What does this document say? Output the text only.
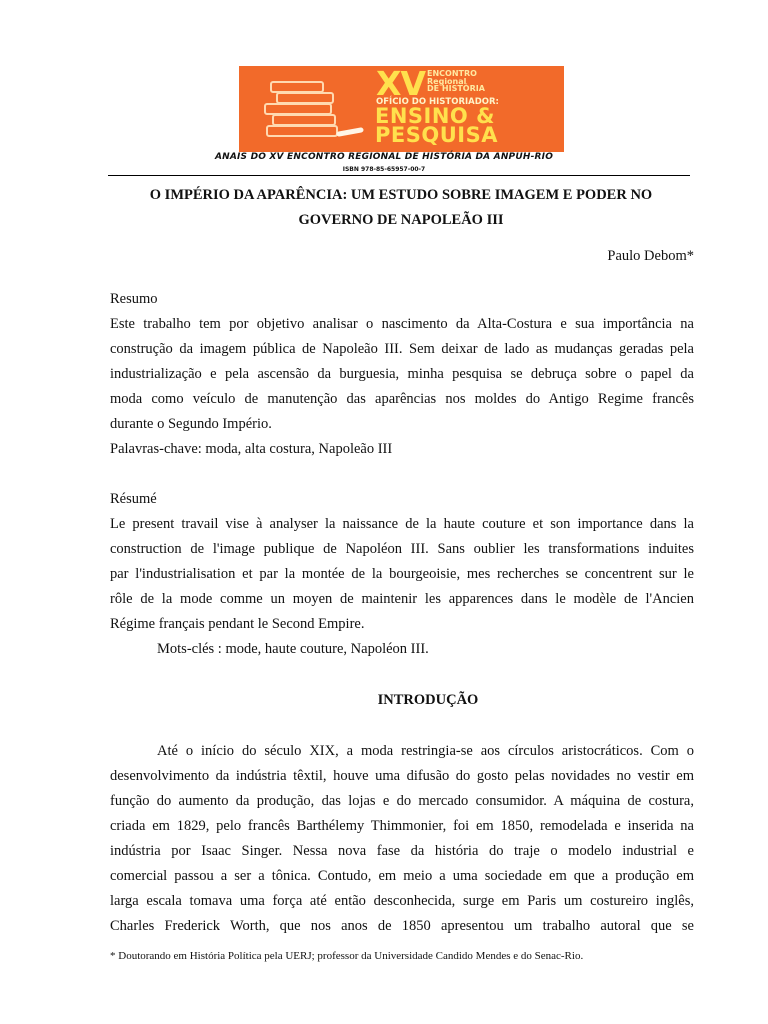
XV ENCONTRO
Regional
DE HISTÓRIA
OFÍCIO DO HISTORIADOR:
ENSINO &
PESQUISA
ANAIS DO XV ENCONTRO REGIONAL DE HISTÓRIA DA ANPUH-RIO
ISBN 978-85-65957-00-7
O IMPÉRIO DA APARÊNCIA: UM ESTUDO SOBRE IMAGEM E PODER NO
GOVERNO DE NAPOLEÃO III
Paulo Debom*
Resumo
Este trabalho tem por objetivo analisar o nascimento da Alta-Costura e sua importância na
construção da imagem pública de Napoleão III. Sem deixar de lado as mudanças geradas pela
industrialização e pela ascensão da burguesia, minha pesquisa se debruça sobre o papel da
moda como veículo de manutenção das aparências nos moldes do Antigo Regime francês
durante o Segundo Império.
Palavras-chave: moda, alta costura, Napoleão III
Résumé
Le present travail vise à analyser la naissance de la haute couture et son importance dans la
construction de l'image publique de Napoléon III. Sans oublier les transformations induites
par l'industrialisation et par la montée de la bourgeoisie, mes recherches se concentrent sur le
rôle de la mode comme un moyen de maintenir les apparences dans le modèle de l'Ancien
Régime français pendant le Second Empire.
Mots-clés : mode, haute couture, Napoléon III.
INTRODUÇÃO
Até o início do século XIX, a moda restringia-se aos círculos aristocráticos. Com o
desenvolvimento da indústria têxtil, houve uma difusão do gosto pelas novidades no vestir em
função do aumento da produção, das lojas e do mercado consumidor. A máquina de costura,
criada em 1829, pelo francês Barthélemy Thimmonier, foi em 1850, remodelada e inserida na
indústria por Isaac Singer. Nessa nova fase da história do traje o modelo industrial e
comercial passou a ser a tônica. Contudo, em meio a uma sociedade em que a produção em
larga escala tomava uma força até então desconhecida, surge em Paris um costureiro inglês,
Charles Frederick Worth, que nos anos de 1850 apresentou um trabalho autoral que se
* Doutorando em História Política pela UERJ; professor da Universidade Candido Mendes e do Senac-Rio.
